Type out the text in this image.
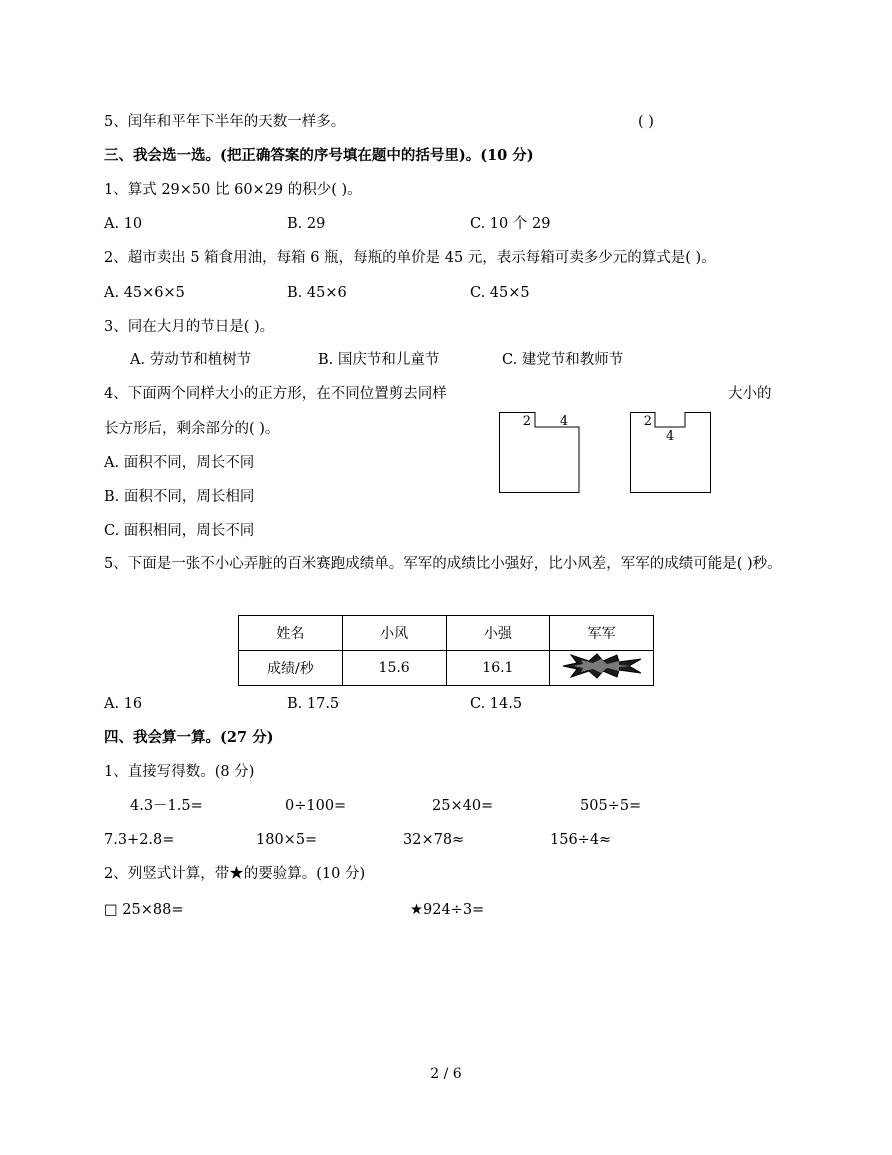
5、闰年和平年下半年的天数一样多。	( )
三、我会选一选。(把正确答案的序号填在题中的括号里)。(10 分)
1、算式 29×50 比 60×29 的积少( )。
A. 10	B. 29	C. 10 个 29
2、超市卖出 5 箱食用油，每箱 6 瓶，每瓶的单价是 45 元，表示每箱可卖多少元的算式是( )。
A. 45×6×5	B. 45×6	C. 45×5
3、同在大月的节日是( )。
A. 劳动节和植树节	B. 国庆节和儿童节	C. 建党节和教师节
4、下面两个同样大小的正方形，在不同位置剪去同样	大小的
长方形后，剩余部分的( )。
A. 面积不同，周长不同
B. 面积不同，周长相同
C. 面积相同，周长不同
2 4	2
4
5、下面是一张不小心弄脏的百米赛跑成绩单。军军的成绩比小强好，比小风差，军军的成绩可能是( )秒。
姓名	小风	小强	军军
成绩/秒	15.6	16.1	
A. 16	B. 17.5	C. 14.5
四、我会算一算。(27 分)
1、直接写得数。(8 分)
4.3－1.5=	0÷100=	25×40=	505÷5=
7.3+2.8=	180×5=	32×78≈	156÷4≈
2、列竖式计算，带★的要验算。(10 分)
□ 25×88=	★924÷3=
2 / 6
